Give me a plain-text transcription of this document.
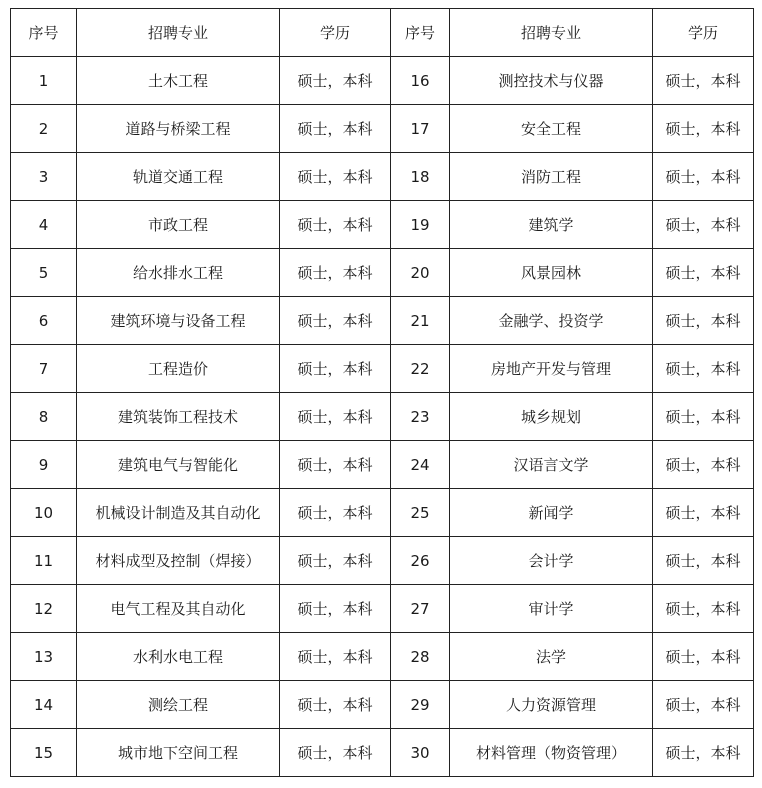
序号	招聘专业	学历	序号	招聘专业	学历
1	土木工程	硕士，本科	16	测控技术与仪器	硕士，本科
2	道路与桥梁工程	硕士，本科	17	安全工程	硕士，本科
3	轨道交通工程	硕士，本科	18	消防工程	硕士，本科
4	市政工程	硕士，本科	19	建筑学	硕士，本科
5	给水排水工程	硕士，本科	20	风景园林	硕士，本科
6	建筑环境与设备工程	硕士，本科	21	金融学、投资学	硕士，本科
7	工程造价	硕士，本科	22	房地产开发与管理	硕士，本科
8	建筑装饰工程技术	硕士，本科	23	城乡规划	硕士，本科
9	建筑电气与智能化	硕士，本科	24	汉语言文学	硕士，本科
10	机械设计制造及其自动化	硕士，本科	25	新闻学	硕士，本科
11	材料成型及控制（焊接）	硕士，本科	26	会计学	硕士，本科
12	电气工程及其自动化	硕士，本科	27	审计学	硕士，本科
13	水利水电工程	硕士，本科	28	法学	硕士，本科
14	测绘工程	硕士，本科	29	人力资源管理	硕士，本科
15	城市地下空间工程	硕士，本科	30	材料管理（物资管理）	硕士，本科
